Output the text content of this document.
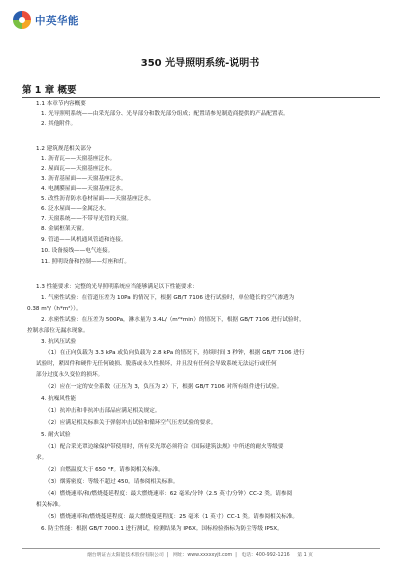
中英华能
350 光导照明系统-说明书
第 1 章 概要
1.1 本章节内容概要
1. 光导照明系统——由采光部分、光导部分和散光部分组成；配置请参见制造商提供的产品配置表。
2. 其他附件。
1.2 建筑规范相关部分
1. 沥青瓦——天窗基座泛水。
2. 屋面瓦——天窗基座泛水。
3. 沥青基屋面——天窗基座泛水。
4. 电测膜屋面——天窗基座泛水。
5. 改性沥青防水卷材屋面——天窗基座泛水。
6. 泛水屋面——金属泛水。
7. 天窗系统——不带导光管的天窗。
8. 金属框架天窗。
9. 管道——风机通风管道和连接。
10. 设备接线——电气连接。
11. 照明设备和控制——灯座和灯。
1.3 性能要求：完整的光导照明系统应当能够满足以下性能要求：
1. 气密性试验：在管道压差为 10Pa 的情况下，根据 GB/T 7106 进行试验时，单位缝长的空气渗透为
0.38 m³/（h*m²））。
2. 水密性试验：在压差为 500Pa，淋水量为 3.4L/（m²*min）的情况下，根据 GB/T 7106 进行试验时，
控制水部位无漏水现象。
3. 抗风压试验
（1）在正向负载为 3.3 kPa 或负向负载为 2.8 kPa 的情况下，持续时间 3 秒钟，根据 GB/T 7106 进行
试验时，紧固件和硬件无任何破损、脱落或永久性损坏，并且没有任何会导致系统无法运行或任何
部分过度永久变位的损坏。
（2）应在一定的安全系数（正压为 3，负压为 2）下，根据 GB/T 7106 对所有组件进行试验。
4. 抗噪风性能
（1）抗冲击和非抗冲击部品应满足相关规定。
（2）应满足相关标准关于弹射冲击试验和循环空气压差试验的要求。
5. 耐火试验
（1）配合采光罩边缘保护带使用时，所有采光罩必须符合《国际建筑法规》中所述的耐火等级要
求。
（2）自燃温度大于 650 °F。请参阅相关标准。
（3）烟雾密度：等级不超过 450。请参阅相关标准。
（4）燃烧速率/和/燃烧蔓延程度：最大燃烧速率：62 毫米/分钟（2.5 英寸/分钟）CC-2 类。请参阅
相关标准。
（5）燃烧速率和/燃烧蔓延程度：最大燃烧蔓延程度：25 毫米（1 英寸）CC-1 类。请参阅相关标准。
6. 防尘性能：根据 GB/T 7000.1 进行测试，检测结果为 IP6X。国标检验指标为防尘等级 IP5X。
烟台明证古太阳能技术股份有限公司 | 网址：www.xxxxxyjt.com | 电话：400-992-1216 第 1 页
